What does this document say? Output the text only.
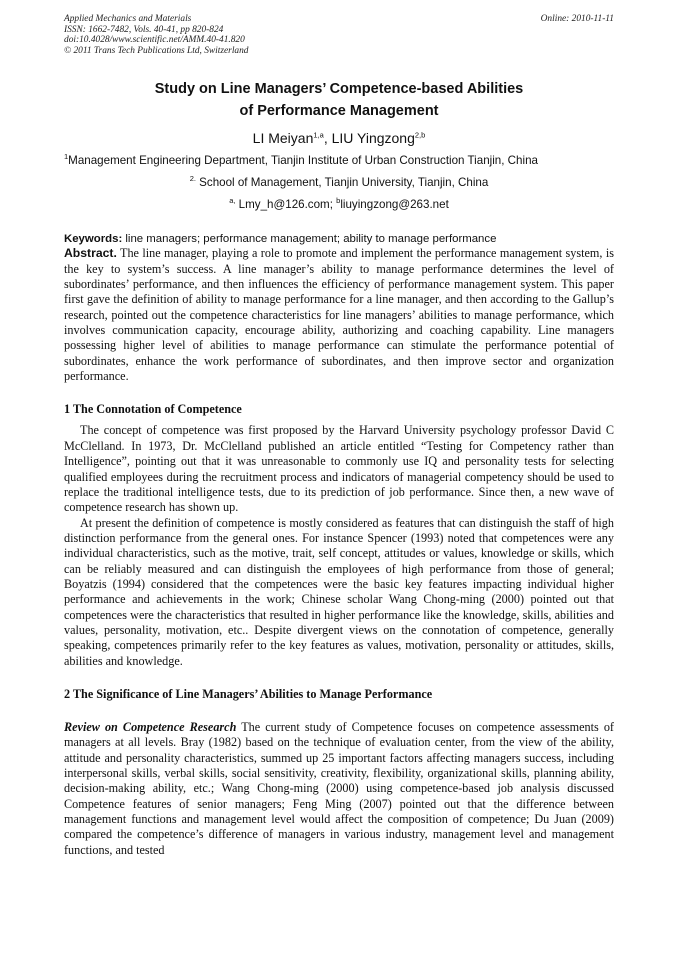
Applied Mechanics and Materials
ISSN: 1662-7482, Vols. 40-41, pp 820-824
doi:10.4028/www.scientific.net/AMM.40-41.820
© 2011 Trans Tech Publications Ltd, Switzerland
Online: 2010-11-11
Study on Line Managers’ Competence-based Abilities
of Performance Management
LI Meiyan$^{1,a}$, LIU Yingzong$^{2,b}$
$^1$Management Engineering Department, Tianjin Institute of Urban Construction Tianjin, China
$^{2.}$ School of Management, Tianjin University, Tianjin, China
$^{a,}$ Lmy_h@126.com; $^b$liuyingzong@263.net
Keywords: line managers; performance management; ability to manage performance

Abstract. The line manager, playing a role to promote and implement the performance management system, is the key to system’s success. A line manager’s ability to manage performance determines the level of subordinates’ performance, and then influences the efficiency of performance management system. This paper first gave the definition of ability to manage performance for a line manager, and then according to the Gallup’s research, pointed out the competence characteristics for line managers’ abilities to manage performance, which involves communication capacity, encourage ability, authorizing and coaching capability. Line managers possessing higher level of abilities to manage performance can stimulate the performance potential of subordinates, enhance the work performance of subordinates, and then improve sector and organization performance.

1 The Connotation of Competence

The concept of competence was first proposed by the Harvard University psychology professor David C McClelland. In 1973, Dr. McClelland published an article entitled “Testing for Competency rather than Intelligence”, pointing out that it was unreasonable to commonly use IQ and personality tests for selecting qualified employees during the recruitment process and indicators of managerial competency should be used to replace the traditional intelligence tests, due to its prediction of job performance. Since then, a new wave of competence research has shown up.

At present the definition of competence is mostly considered as features that can distinguish the staff of high distinction performance from the general ones. For instance Spencer (1993) noted that competences were any individual characteristics, such as the motive, trait, self concept, attitudes or values, knowledge or skills, which can be reliably measured and can distinguish the employees of high performance from those of general; Boyatzis (1994) considered that the competences were the basic key features impacting individual higher performance and achievements in the work; Chinese scholar Wang Chong-ming (2000) pointed out that competences were the characteristics that resulted in higher performance like the knowledge, skills, abilities and values, personality, motivation, etc.. Despite divergent views on the connotation of competence, generally speaking, competences primarily refer to the key features as values, motivation, personality or attitudes, skills, abilities and knowledge.

2 The Significance of Line Managers’ Abilities to Manage Performance

Review on Competence Research The current study of Competence focuses on competence assessments of managers at all levels. Bray (1982) based on the technique of evaluation center, from the view of the ability, attitude and personality characteristics, summed up 25 important factors affecting managers success, including interpersonal skills, verbal skills, social sensitivity, creativity, flexibility, organizational skills, planning ability, decision-making ability, etc.; Wang Chong-ming (2000) using competence-based job analysis discussed Competence features of senior managers; Feng Ming (2007) pointed out that the difference between management functions and management level would affect the composition of competence; Du Juan (2009) compared the competence’s difference of managers in various industry, management level and management functions, and tested
